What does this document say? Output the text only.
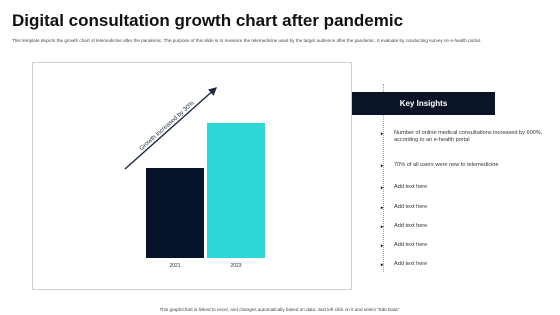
Digital consultation growth chart after pandemic
This template depicts the growth chart of telemedicine after the pandemic. The purpose of this slide is to measure the telemedicine used by the target audience after the pandemic. It evaluate by conducting survey on e-health portal.
2021	2023
Growth increased by 30%	Key Insights
►	Number of online medical consultations increased by 600%, according to an e-health portal
►	70% of all users were new to telemedicine
►	Add text here
►	Add text here
►	Add text here
►	Add text here
►	Add text here
This graph/chart is linked to excel, and changes automatically based on data. Just left click on it and select "Edit Data".
